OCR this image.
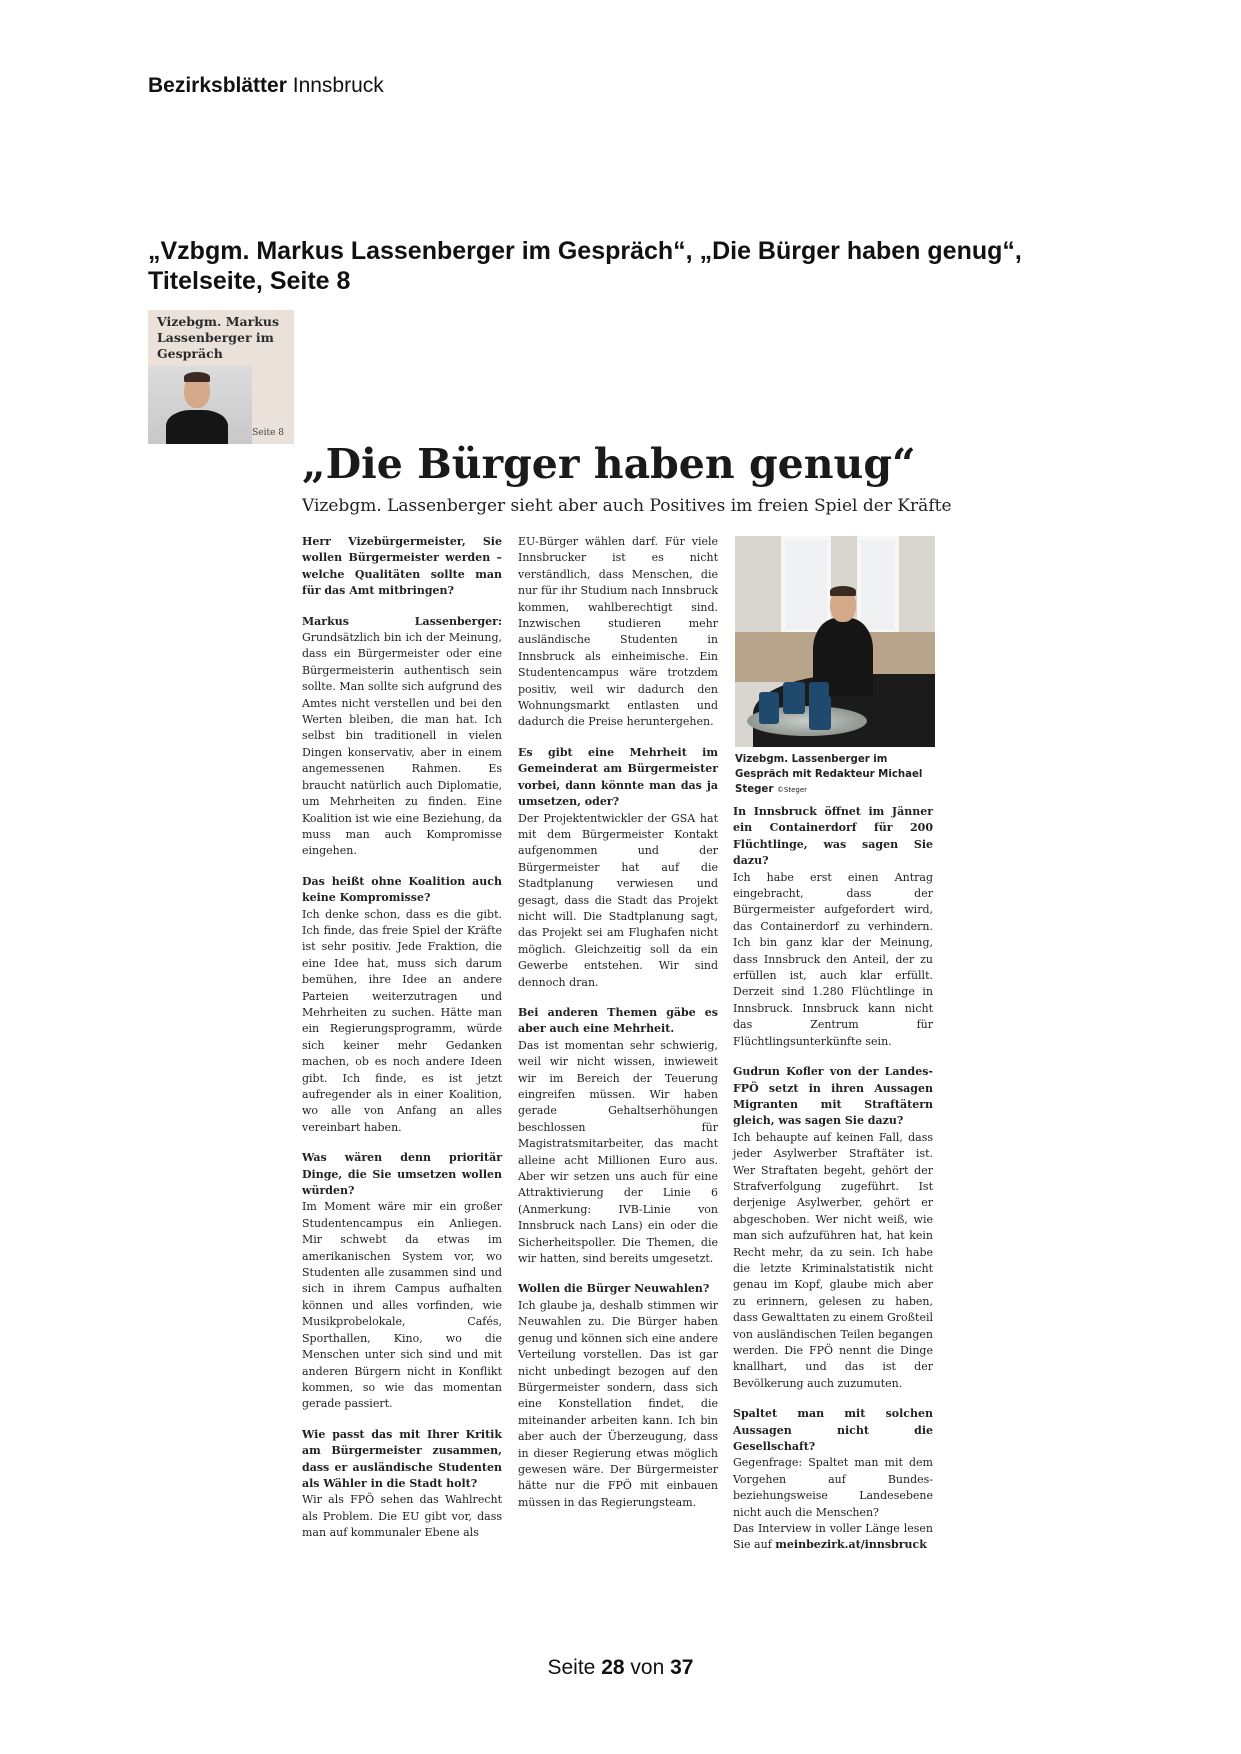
Bezirksblätter Innsbruck
„Vzbgm. Markus Lassenberger im Gespräch“, „Die Bürger haben genug“, Titelseite, Seite 8
Vizebgm. Markus Lassenberger im Gespräch
Seite 8
„Die Bürger haben genug“
Vizebgm. Lassenberger sieht aber auch Positives im freien Spiel der Kräfte

Herr Vizebürgermeister, Sie wollen Bürgermeister werden –welche Qualitäten sollte man für das Amt mitbringen?

Markus Lassenberger: Grundsätzlich bin ich der Meinung, dass ein Bürgermeister oder eine Bürgermeisterin authentisch sein sollte. Man sollte sich aufgrund des Amtes nicht verstellen und bei den Werten bleiben, die man hat. Ich selbst bin traditionell in vielen Dingen konservativ, aber in einem angemessenen Rahmen. Es braucht natürlich auch Diplomatie, um Mehrheiten zu finden. Eine Koalition ist wie eine Beziehung, da muss man auch Kompromisse eingehen.

Das heißt ohne Koalition auch keine Kompromisse?
Ich denke schon, dass es die gibt. Ich finde, das freie Spiel der Kräfte ist sehr positiv. Jede Fraktion, die eine Idee hat, muss sich darum bemühen, ihre Idee an andere Parteien weiterzutragen und Mehrheiten zu suchen. Hätte man ein Regierungsprogramm, würde sich keiner mehr Gedanken machen, ob es noch andere Ideen gibt. Ich finde, es ist jetzt aufregender als in einer Koalition, wo alle von Anfang an alles vereinbart haben.

Was wären denn prioritär Dinge, die Sie umsetzen wollen würden?
Im Moment wäre mir ein großer Studentencampus ein Anliegen. Mir schwebt da etwas im amerikanischen System vor, wo Studenten alle zusammen sind und sich in ihrem Campus aufhalten können und alles vorfinden, wie Musikprobelokale, Cafés, Sporthallen, Kino, wo die Menschen unter sich sind und mit anderen Bürgern nicht in Konflikt kommen, so wie das momentan gerade passiert.

Wie passt das mit Ihrer Kritik am Bürgermeister zusammen, dass er ausländische Studenten als Wähler in die Stadt holt?
Wir als FPÖ sehen das Wahlrecht als Problem. Die EU gibt vor, dass man auf kommunaler Ebene als

EU-Bürger wählen darf. Für viele Innsbrucker ist es nicht verständlich, dass Menschen, die nur für ihr Studium nach Innsbruck kommen, wahlberechtigt sind. Inzwischen studieren mehr ausländische Studenten in Innsbruck als einheimische. Ein Studentencampus wäre trotzdem positiv, weil wir dadurch den Wohnungsmarkt entlasten und dadurch die Preise heruntergehen.

Es gibt eine Mehrheit im Gemeinderat am Bürgermeister vorbei, dann könnte man das ja umsetzen, oder?
Der Projektentwickler der GSA hat mit dem Bürgermeister Kontakt aufgenommen und der Bürgermeister hat auf die Stadtplanung verwiesen und gesagt, dass die Stadt das Projekt nicht will. Die Stadtplanung sagt, das Projekt sei am Flughafen nicht möglich. Gleichzeitig soll da ein Gewerbe entstehen. Wir sind dennoch dran.

Bei anderen Themen gäbe es aber auch eine Mehrheit.
Das ist momentan sehr schwierig, weil wir nicht wissen, inwieweit wir im Bereich der Teuerung eingreifen müssen. Wir haben gerade Gehaltserhöhungen beschlossen für Magistratsmitarbeiter, das macht alleine acht Millionen Euro aus. Aber wir setzen uns auch für eine Attraktivierung der Linie 6 (Anmerkung: IVB-Linie von Innsbruck nach Lans) ein oder die Sicherheitspoller. Die Themen, die wir hatten, sind bereits umgesetzt.

Wollen die Bürger Neuwahlen?
Ich glaube ja, deshalb stimmen wir Neuwahlen zu. Die Bürger haben genug und können sich eine andere Verteilung vorstellen. Das ist gar nicht unbedingt bezogen auf den Bürgermeister sondern, dass sich eine Konstellation findet, die miteinander arbeiten kann. Ich bin aber auch der Überzeugung, dass in dieser Regierung etwas möglich gewesen wäre. Der Bürgermeister hätte nur die FPÖ mit einbauen müssen in das Regierungsteam.

Vizebgm. Lassenberger im Gespräch mit Redakteur Michael Steger ©Steger

In Innsbruck öffnet im Jänner ein Containerdorf für 200 Flüchtlinge, was sagen Sie dazu?
Ich habe erst einen Antrag eingebracht, dass der Bürgermeister aufgefordert wird, das Containerdorf zu verhindern. Ich bin ganz klar der Meinung, dass Innsbruck den Anteil, der zu erfüllen ist, auch klar erfüllt. Derzeit sind 1.280 Flüchtlinge in Innsbruck. Innsbruck kann nicht das Zentrum für Flüchtlingsunterkünfte sein.

Gudrun Kofler von der Landes-FPÖ setzt in ihren Aussagen Migranten mit Straftätern gleich, was sagen Sie dazu?
Ich behaupte auf keinen Fall, dass jeder Asylwerber Straftäter ist. Wer Straftaten begeht, gehört der Strafverfolgung zugeführt. Ist derjenige Asylwerber, gehört er abgeschoben. Wer nicht weiß, wie man sich aufzuführen hat, hat kein Recht mehr, da zu sein. Ich habe die letzte Kriminalstatistik nicht genau im Kopf, glaube mich aber zu erinnern, gelesen zu haben, dass Gewalttaten zu einem Großteil von ausländischen Teilen begangen werden. Die FPÖ nennt die Dinge knallhart, und das ist der Bevölkerung auch zuzumuten.

Spaltet man mit solchen Aussagen nicht die Gesellschaft?
Gegenfrage: Spaltet man mit dem Vorgehen auf Bundes- beziehungsweise Landesebene nicht auch die Menschen?
Das Interview in voller Länge lesen Sie auf meinbezirk.at/innsbruck

Seite 28 von 37
